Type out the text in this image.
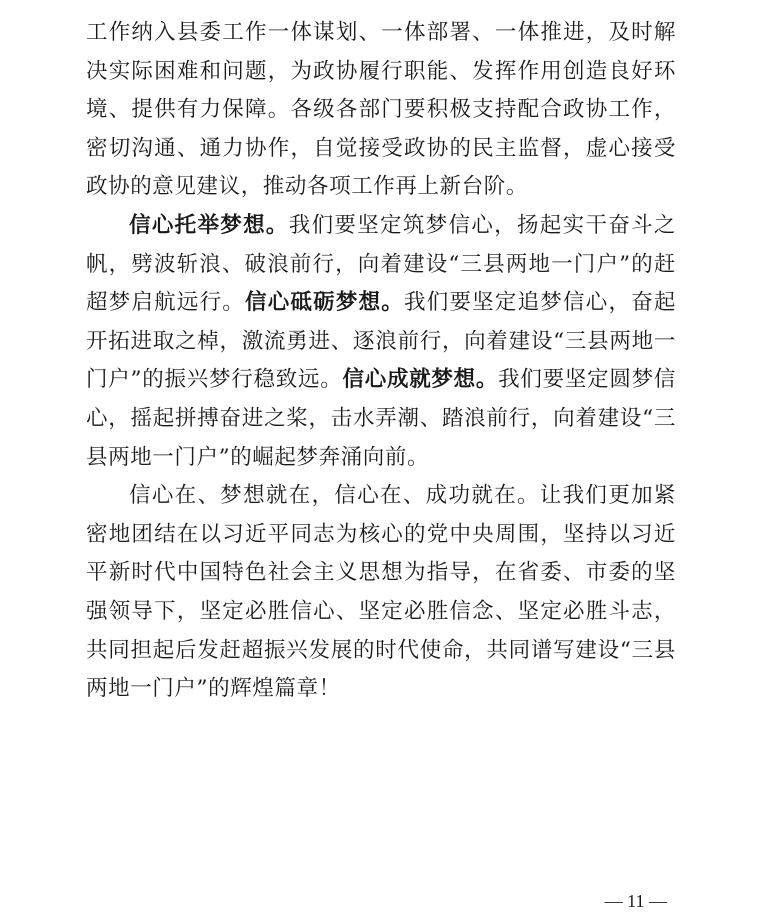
工作纳入县委工作一体谋划、一体部署、一体推进，及时解决实际困难和问题，为政协履行职能、发挥作用创造良好环境、提供有力保障。各级各部门要积极支持配合政协工作，密切沟通、通力协作，自觉接受政协的民主监督，虚心接受政协的意见建议，推动各项工作再上新台阶。

信心托举梦想。我们要坚定筑梦信心，扬起实干奋斗之帆，劈波斩浪、破浪前行，向着建设“三县两地一门户”的赶超梦启航远行。信心砥砺梦想。我们要坚定追梦信心，奋起开拓进取之棹，激流勇进、逐浪前行，向着建设“三县两地一门户”的振兴梦行稳致远。信心成就梦想。我们要坚定圆梦信心，摇起拼搏奋进之桨，击水弄潮、踏浪前行，向着建设“三县两地一门户”的崛起梦奔涌向前。

信心在、梦想就在，信心在、成功就在。让我们更加紧密地团结在以习近平同志为核心的党中央周围，坚持以习近平新时代中国特色社会主义思想为指导，在省委、市委的坚强领导下，坚定必胜信心、坚定必胜信念、坚定必胜斗志，共同担起后发赶超振兴发展的时代使命，共同谱写建设“三县两地一门户”的辉煌篇章！

— 11 —
